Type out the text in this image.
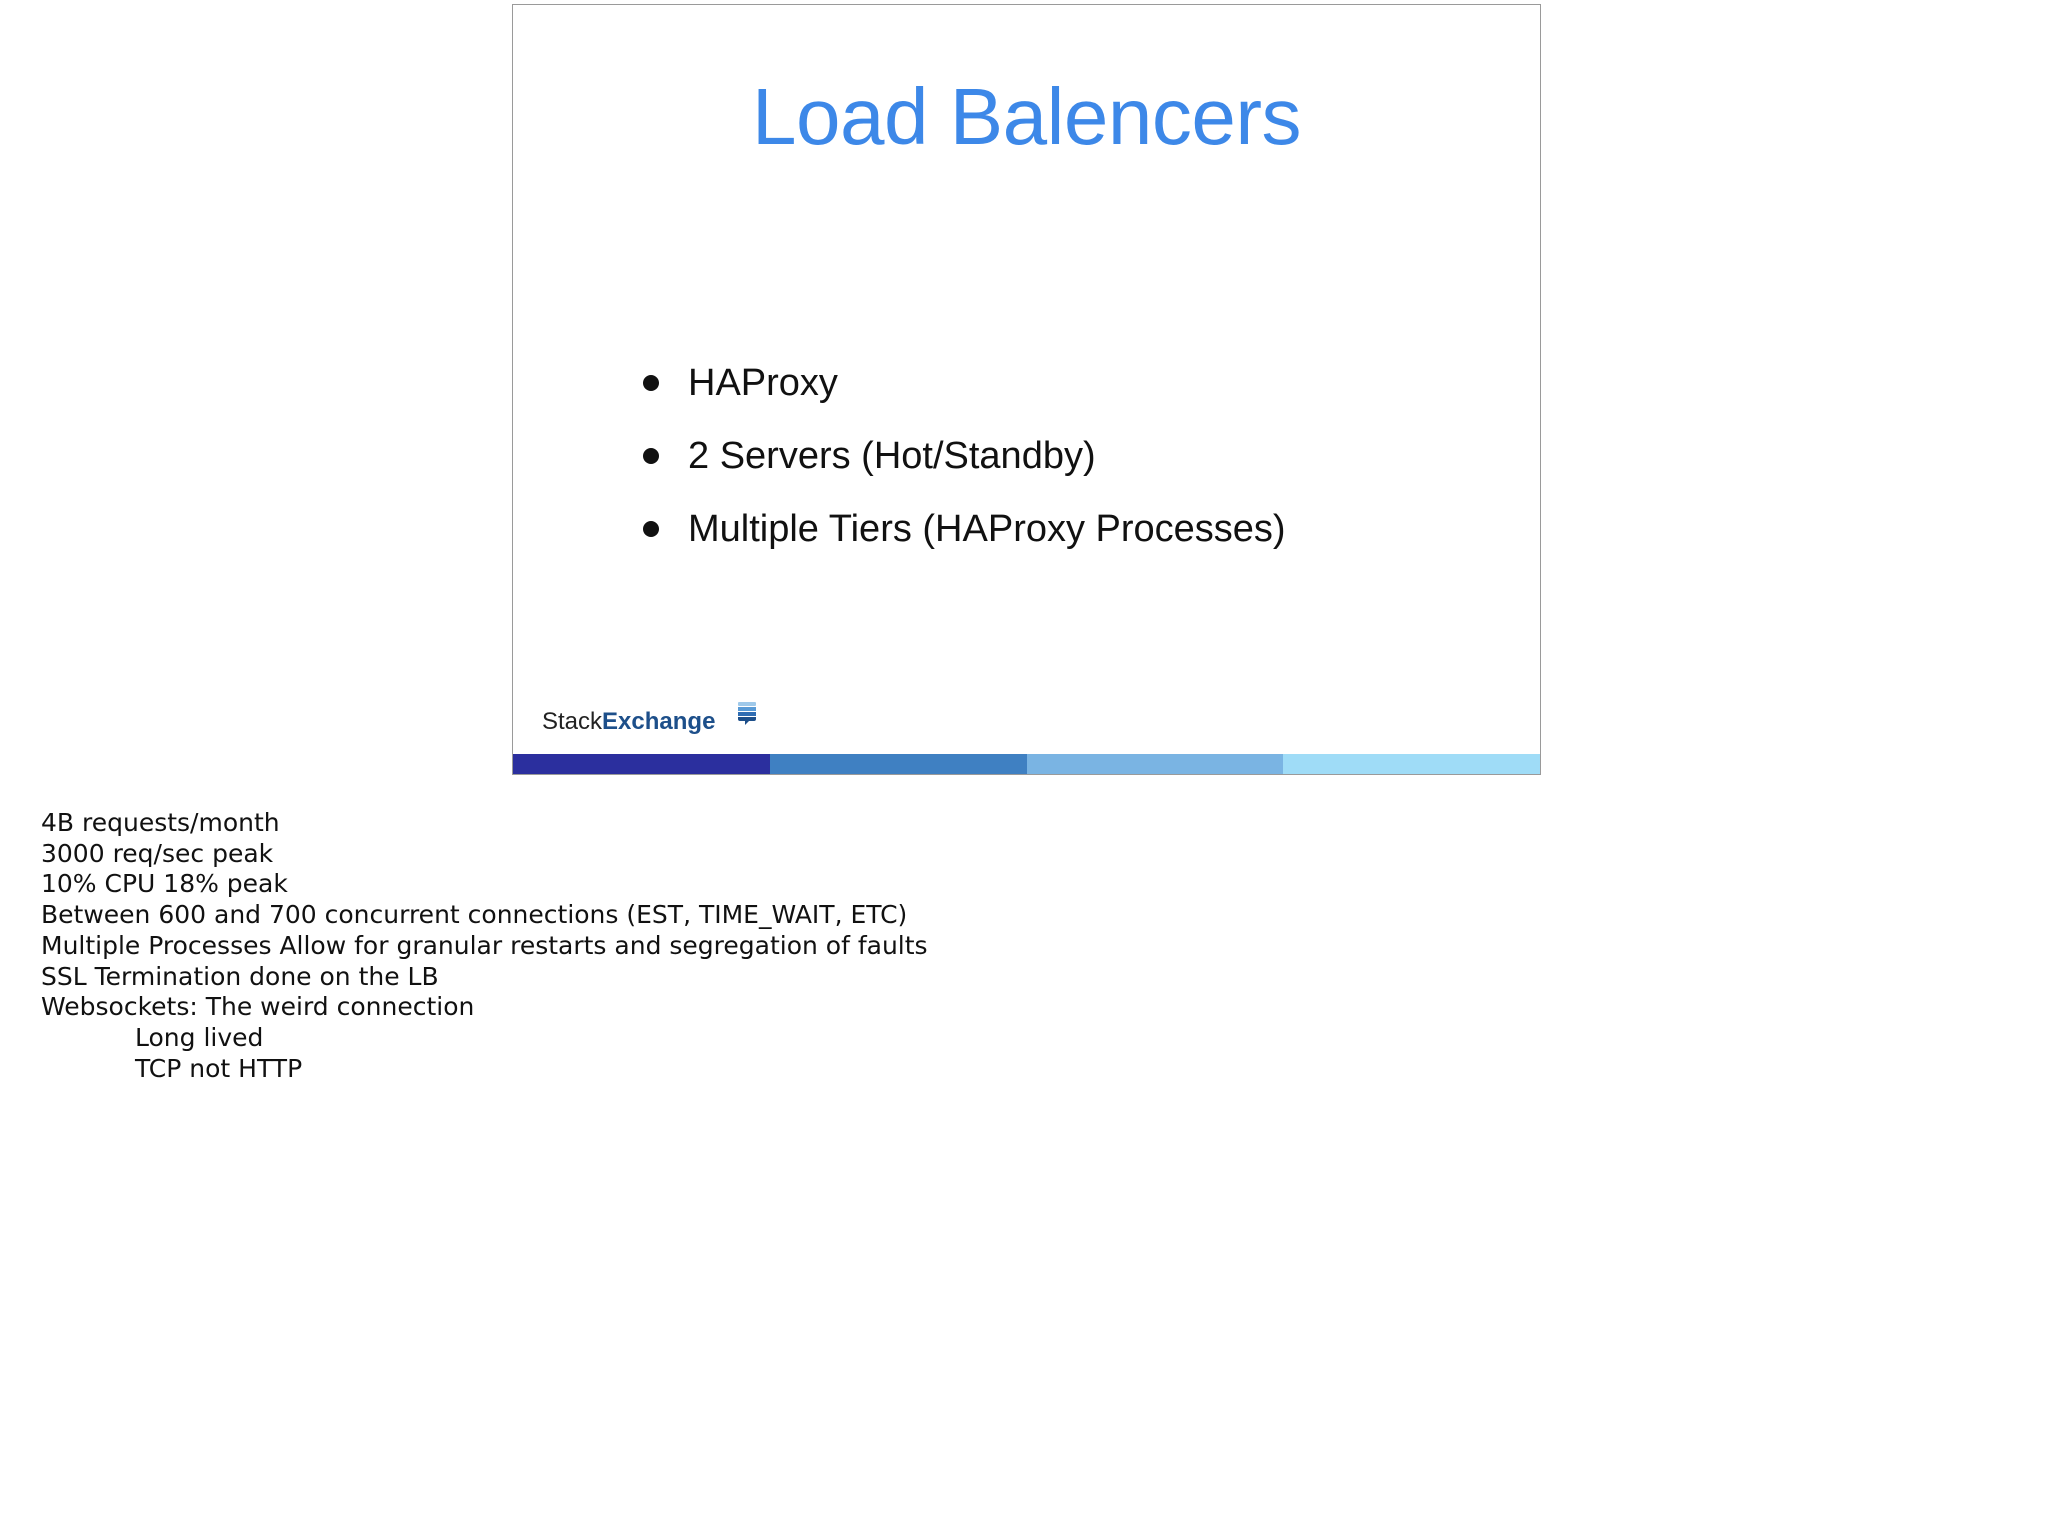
Load Balencers
HAProxy
2 Servers (Hot/Standby)
Multiple Tiers (HAProxy Processes)
StackExchange
4B requests/month
3000 req/sec peak
10% CPU 18% peak
Between 600 and 700 concurrent connections (EST, TIME_WAIT, ETC)
Multiple Processes Allow for granular restarts and segregation of faults
SSL Termination done on the LB
Websockets: The weird connection
Long lived
TCP not HTTP
